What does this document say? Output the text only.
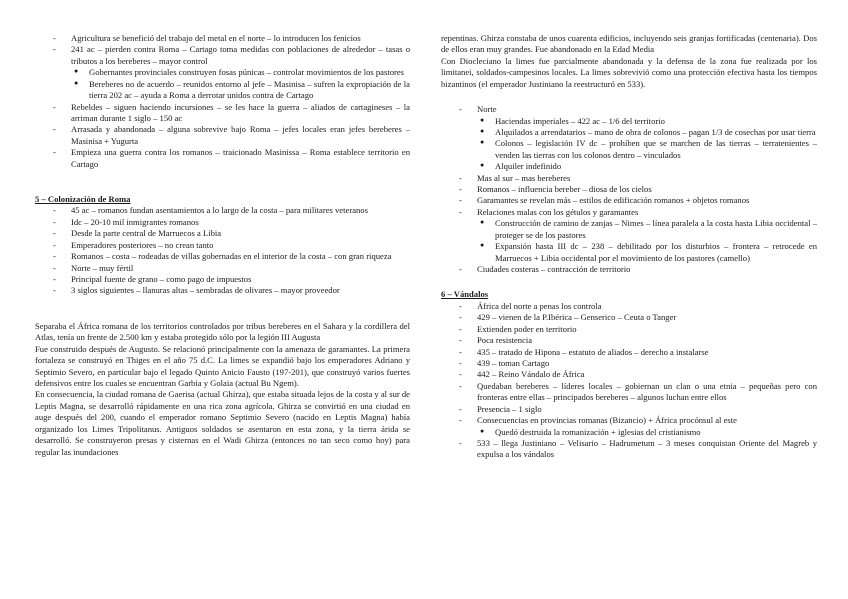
- Agricultura se benefició del trabajo del metal en el norte – lo introducen los fenicios
- 241 ac – pierden contra Roma – Cartago toma medidas con poblaciones de alrededor – tasas o tributos a los bereberes – mayor control
● Gobernantes provinciales construyen fosas púnicas – controlar movimientos de los pastores
● Bereberes no de acuerdo – reunidos entorno al jefe – Masinisa – sufren la expropiación de la tierra 202 ac – ayuda a Roma a derrotar unidos contra de Cartago
- Rebeldes – siguen haciendo incursiones – se les hace la guerra – aliados de cartagineses – la arriman durante 1 siglo – 150 ac
- Arrasada y abandonada – alguna sobrevive bajo Roma – jefes locales eran jefes bereberes – Masinisa + Yugurta
- Empieza una guerra contra los romanos – traicionado Masinissa – Roma establece territorio en Cartago

5 – Colonización de Roma

- 45 ac – romanos fundan asentamientos a lo largo de la costa – para militares veteranos
- Idc – 20-10 mil inmigrantes romanos
- Desde la parte central de Marruecos a Libia
- Emperadores posteriores – no crean tanto
- Romanos – costa – rodeadas de villas gobernadas en el interior de la costa – con gran riqueza
- Norte – muy fértil
- Principal fuente de grano – como pago de impuestos
- 3 siglos siguientes – llanuras altas – sembradas de olivares – mayor proveedor

Separaba el África romana de los territorios controlados por tribus bereberes en el Sahara y la cordillera del Atlas, tenía un frente de 2.500 km y estaba protegido sólo por la legión III Augusta

Fue construido después de Augusto. Se relacionó principalmente con la amenaza de garamantes. La primera fortaleza se construyó en Thiges en el año 75 d.C. La limes se expandió bajo los emperadores Adriano y Septimio Severo, en particular bajo el legado Quinto Anicio Fausto (197-201), que construyó varios fuertes defensivos entre los cuales se encuentran Garbia y Golaia (actual Bu Ngem).

En consecuencia, la ciudad romana de Gaerisa (actual Ghirza), que estaba situada lejos de la costa y al sur de Leptis Magna, se desarrolló rápidamente en una rica zona agrícola. Ghirza se convirtió en una ciudad en auge después del 200, cuando el emperador romano Septimio Severo (nacido en Leptis Magna) había organizado los Limes Tripolitanus. Antiguos soldados se asentaron en esta zona, y la tierra árida se desarrolló. Se construyeron presas y cisternas en el Wadi Ghirza (entonces no tan seco como hoy) para regular las inundaciones

repentinas. Ghirza constaba de unos cuarenta edificios, incluyendo seis granjas fortificadas (centenaria). Dos de ellos eran muy grandes. Fue abandonado en la Edad Media

Con Diocleciano la limes fue parcialmente abandonada y la defensa de la zona fue realizada por los limitanei, soldados-campesinos locales. La limes sobrevivió como una protección efectiva hasta los tiempos bizantinos (el emperador Justiniano la reestructuró en 533).

- Norte
● Haciendas imperiales – 422 ac – 1/6 del territorio
● Alquilados a arrendatarios – mano de obra de colonos – pagan 1/3 de cosechas por usar tierra
● Colonos – legislación IV dc – prohíben que se marchen de las tierras – terratenientes – venden las tierras con los colonos dentro – vinculados
● Alquiler indefinido
- Mas al sur – mas bereberes
- Romanos – influencia bereber – diosa de los cielos
- Garamantes se revelan más – estilos de edificación romanos + objetos romanos
- Relaciones malas con los gétulos y garamantes
● Construcción de camino de zanjas – Nimes – línea paralela a la costa hasta Libia occidental – proteger se de los pastores
● Expansión hasta III dc – 238 – debilitado por los disturbios – frontera – retrocede en Marruecos + Libia occidental por el movimiento de los pastores (camello)
- Ciudades costeras – contracción de territorio

6 – Vándalos

- África del norte a penas los controla
- 429 – vienen de la P.Ibérica – Genserico – Ceuta o Tanger
- Extienden poder en territorio
- Poca resistencia
- 435 – tratado de Hipona – estatuto de aliados – derecho a instalarse
- 439 – toman Cartago
- 442 – Reino Vándalo de África
- Quedaban bereberes – líderes locales – gobiernan un clan o una etnia – pequeñas pero con fronteras entre ellas – principados bereberes – algunos luchan entre ellos
- Presencia – 1 siglo
- Consecuencias en provincias romanas (Bizancio) + África procónsul al este
● Quedó destruida la romanización + iglesias del cristianismo
- 533 – llega Justiniano – Velisario – Hadrumetum – 3 meses conquistan Oriente del Magreb y expulsa a los vándalos
